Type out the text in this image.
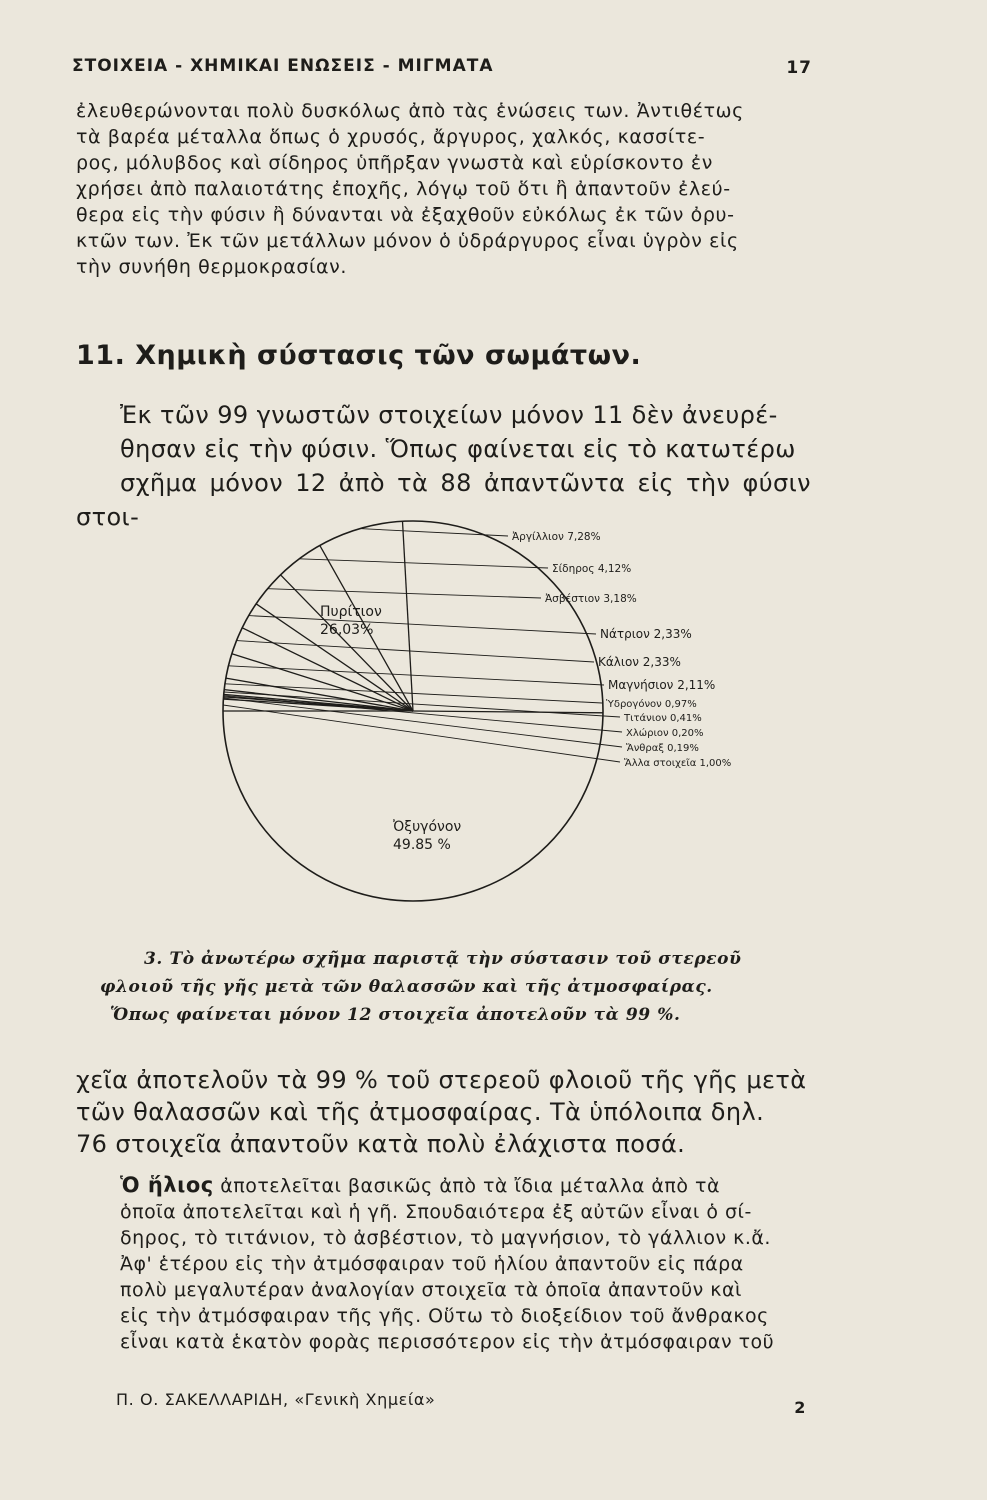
ΣΤΟΙΧΕΙΑ - ΧΗΜΙΚΑΙ ΕΝΩΣΕΙΣ - ΜΙΓΜΑΤΑ	17

ἐλευθερώνονται πολὺ δυσκόλως ἀπὸ τὰς ἑνώσεις των. Ἀντιθέτως

τὰ βαρέα μέταλλα ὅπως ὁ χρυσός, ἄργυρος, χαλκός, κασσίτε-

ρος, μόλυβδος καὶ σίδηρος ὑπῆρξαν γνωστὰ καὶ εὑρίσκοντο ἐν

χρήσει ἀπὸ παλαιοτάτης ἐποχῆς, λόγῳ τοῦ ὅτι ἢ ἀπαντοῦν ἐλεύ-

θερα εἰς τὴν φύσιν ἢ δύνανται νὰ ἐξαχθοῦν εὐκόλως ἐκ τῶν ὀρυ-

κτῶν των. Ἐκ τῶν μετάλλων μόνον ὁ ὑδράργυρος εἶναι ὑγρὸν εἰς

τὴν συνήθη θερμοκρασίαν.

11. Χημικὴ σύστασις τῶν σωμάτων.

Ἐκ τῶν 99 γνωστῶν στοιχείων μόνον 11 δὲν ἀνευρέ-

θησαν εἰς τὴν φύσιν. Ὅπως φαίνεται εἰς τὸ κατωτέρω

σχῆμα μόνον 12 ἀπὸ τὰ 88 ἀπαντῶντα εἰς τὴν φύσιν στοι-

Ὀξυγόνον 49.85 %
Πυρίτιον 26,03%
Ἀργίλλιον 7,28%
Σίδηρος 4,12%
Ἀσβέστιον 3,18%
Νάτριον 2,33%
Κάλιον 2,33%
Μαγνήσιον 2,11%
Ὑδρογόνον 0,97%
Τιτάνιον 0,41%
Χλώριον 0,20%
Ἄνθραξ 0,19%
Ἄλλα στοιχεῖα 1,00%

3. Τὸ ἀνωτέρω σχῆμα παριστᾷ τὴν σύστασιν τοῦ στερεοῦ

φλοιοῦ τῆς γῆς μετὰ τῶν θαλασσῶν καὶ τῆς ἀτμοσφαίρας.

Ὅπως φαίνεται μόνον 12 στοιχεῖα ἀποτελοῦν τὰ 99 %.

χεῖα ἀποτελοῦν τὰ 99 % τοῦ στερεοῦ φλοιοῦ τῆς γῆς μετὰ

τῶν θαλασσῶν καὶ τῆς ἀτμοσφαίρας. Τὰ ὑπόλοιπα δηλ.

76 στοιχεῖα ἀπαντοῦν κατὰ πολὺ ἐλάχιστα ποσά.

Ὁ ἥλιος ἀποτελεῖται βασικῶς ἀπὸ τὰ ἴδια μέταλλα ἀπὸ τὰ

ὁποῖα ἀποτελεῖται καὶ ἡ γῆ. Σπουδαιότερα ἐξ αὐτῶν εἶναι ὁ σί-

δηρος, τὸ τιτάνιον, τὸ ἀσβέστιον, τὸ μαγνήσιον, τὸ γάλλιον κ.ἄ.

Ἀφ' ἑτέρου εἰς τὴν ἀτμόσφαιραν τοῦ ἡλίου ἀπαντοῦν εἰς πάρα

πολὺ μεγαλυτέραν ἀναλογίαν στοιχεῖα τὰ ὁποῖα ἀπαντοῦν καὶ

εἰς τὴν ἀτμόσφαιραν τῆς γῆς. Οὕτω τὸ διοξείδιον τοῦ ἄνθρακος

εἶναι κατὰ ἑκατὸν φορὰς περισσότερον εἰς τὴν ἀτμόσφαιραν τοῦ

Π. Ο. ΣΑΚΕΛΛΑΡΙΔΗ, «Γενικὴ Χημεία»	2
